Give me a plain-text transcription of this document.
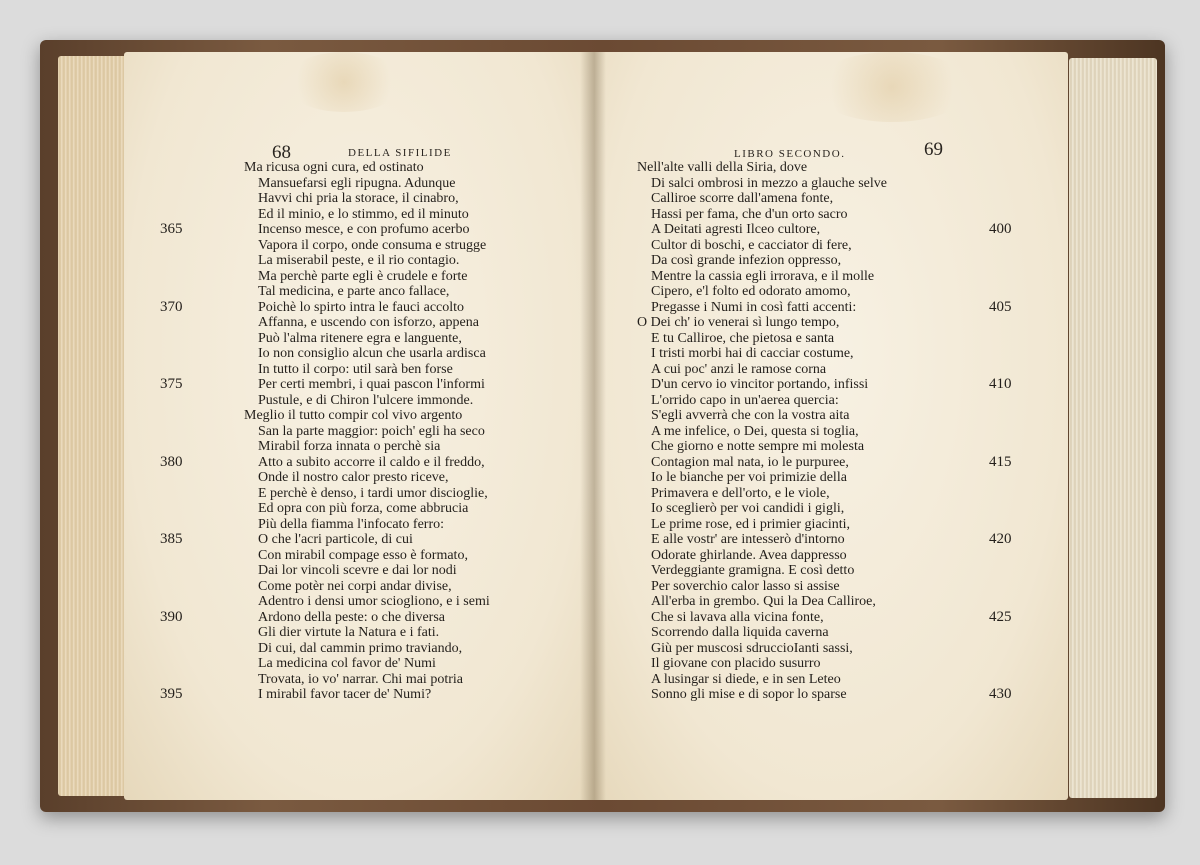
68	DELLA SIFILIDE
Ma ricusa ogni cura, ed ostinato
Mansuefarsi egli ripugna. Adunque
Havvi chi pria la storace, il cinabro,
Ed il minio, e lo stimmo, ed il minuto
Incenso mesce, e con profumo acerbo
365
Vapora il corpo, onde consuma e strugge
La miserabil peste, e il rio contagio.
Ma perchè parte egli è crudele e forte
Tal medicina, e parte anco fallace,
Poichè lo spirto intra le fauci accolto
370
Affanna, e uscendo con isforzo, appena
Può l'alma ritenere egra e languente,
Io non consiglio alcun che usarla ardisca
In tutto il corpo: util sarà ben forse
Per certi membri, i quai pascon l'informi
375
Pustule, e di Chiron l'ulcere immonde.
Meglio il tutto compir col vivo argento
San la parte maggior: poich' egli ha seco
Mirabil forza innata o perchè sia
Atto a subito accorre il caldo e il freddo,
380
Onde il nostro calor presto riceve,
E perchè è denso, i tardi umor discioglie,
Ed opra con più forza, come abbrucia
Più della fiamma l'infocato ferro:
O che l'acri particole, di cui
385
Con mirabil compage esso è formato,
Dai lor vincoli scevre e dai lor nodi
Come potèr nei corpi andar divise,
Adentro i densi umor sciogliono, e i semi
Ardono della peste: o che diversa
390
Gli dier virtute la Natura e i fati.
Di cui, dal cammin primo traviando,
La medicina col favor de' Numi
Trovata, io vo' narrar. Chi mai potria
I mirabil favor tacer de' Numi?
395
LIBRO SECONDO.	69
Nell'alte valli della Siria, dove
Di salci ombrosi in mezzo a glauche selve
Calliroe scorre dall'amena fonte,
Hassi per fama, che d'un orto sacro
A Deitati agresti Ilceo cultore,	400
Cultor di boschi, e cacciator di fere,
Da così grande infezion oppresso,
Mentre la cassia egli irrorava, e il molle
Cipero, e'l folto ed odorato amomo,
Pregasse i Numi in così fatti accenti:	405
O Dei ch' io venerai sì lungo tempo,
E tu Calliroe, che pietosa e santa
I tristi morbi hai di cacciar costume,
A cui poc' anzi le ramose corna
D'un cervo io vincitor portando, infissi	410
L'orrido capo in un'aerea quercia:
S'egli avverrà che con la vostra aita
A me infelice, o Dei, questa si toglia,
Che giorno e notte sempre mi molesta
Contagion mal nata, io le purpuree,	415
Io le bianche per voi primizie della
Primavera e dell'orto, e le viole,
Io sceglierò per voi candidi i gigli,
Le prime rose, ed i primier giacinti,
E alle vostr' are intesserò d'intorno	420
Odorate ghirlande. Avea dappresso
Verdeggiante gramigna. E così detto
Per soverchio calor lasso si assise
All'erba in grembo. Qui la Dea Calliroe,
Che si lavava alla vicina fonte,	425
Scorrendo dalla liquida caverna
Giù per muscosi sdruccioIanti sassi,
Il giovane con placido susurro
A lusingar si diede, e in sen Leteo
Sonno gli mise e di sopor lo sparse	430
